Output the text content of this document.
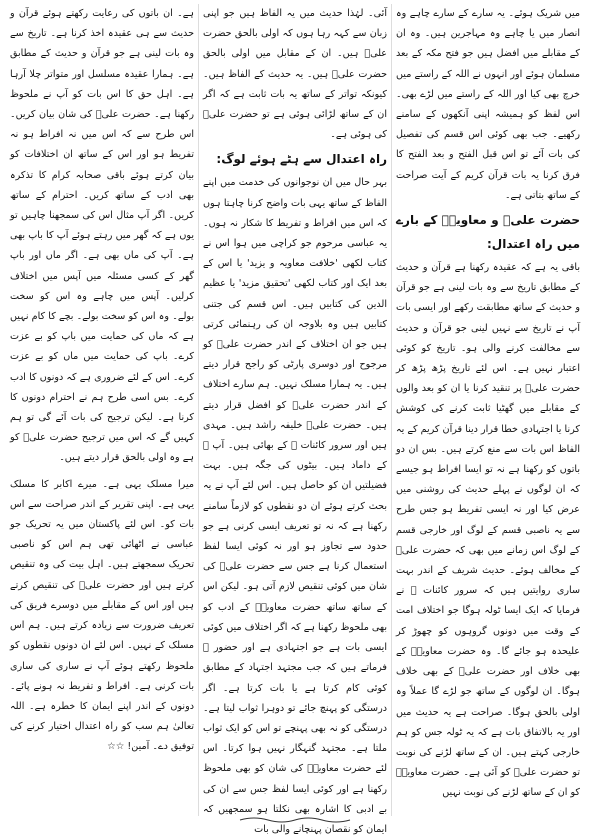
میں شریک ہوئے۔ یہ سارے کے سارے چاہے وہ انصار میں یا چاہے وہ مہاجرین ہیں۔ وہ ان کے مقابلے میں افضل ہیں جو فتح مکہ کے بعد مسلمان ہوئے اور انہوں نے اللہ کے راستے میں خرچ بھی کیا اور اللہ کے راستے میں لڑے بھی۔ اس لفظ کو ہمیشہ اپنی آنکھوں کے سامنے رکھیے۔ جب بھی کوئی اس قسم کی تفصیل کی بات آئے تو اس قبل الفتح و بعد الفتح کا فرق کرنا یہ بات قرآن کریم کے آیت صراحت کے ساتھ بتاتی ہے۔

حضرت علیؓ و معاویہؓ کے بارے میں راہ اعتدال:

باقی یہ ہے کہ عقیدہ رکھنا ہے قرآن و حدیث کے مطابق تاریخ سے وہ بات لینی ہے جو قرآن و حدیث کے ساتھ مطابقت رکھے اور ایسی بات آپ نے تاریخ سے نہیں لینی جو قرآن و حدیث سے مخالفت کرنے والی ہو۔ تاریخ کو کوئی اعتبار نہیں ہے۔ اس لئے تاریخ پڑھ پڑھ کر حضرت علیؓ پر تنقید کرنا یا ان کو بعد والوں کے مقابلے میں گھٹیا ثابت کرنے کی کوشش کرنا یا اجتہادی خطا قرار دینا قرآن کریم کے یہ الفاظ اس بات سے منع کرتے ہیں۔ بس ان دو باتوں کو رکھنا ہے نہ تو ایسا افراط ہو جیسے کہ ان لوگوں نے پہلے حدیث کی روشنی میں عرض کیا اور نہ ایسی تفریط ہو جس طرح سے یہ ناصبی قسم کے لوگ اور خارجی قسم کے لوگ اس زمانے میں بھی کہ حضرت علیؓ کے مخالف ہوئے۔ حدیث شریف کے اندر بہت ساری روایتیں ہیں کہ سرور کائنات ﷺ نے فرمایا کہ ایک ایسا ٹولہ ہوگا جو اختلاف امت کے وقت میں دونوں گروہوں کو چھوڑ کر علیحدہ ہو جائے گا۔ وہ حضرت معاویہؓ کے بھی خلاف اور حضرت علیؓ کے بھی خلاف ہوگا۔ ان لوگوں کے ساتھ جو لڑے گا عملاً وہ اولی بالحق ہوگا۔ صراحت ہے یہ حدیث میں اور یہ بالاتفاق بات ہے کہ یہ ٹولہ جس کو ہم خارجی کہتے ہیں۔ ان کے ساتھ لڑنے کی نوبت تو حضرت علیؓ کو آئی ہے۔ حضرت معاویہؓ کو ان کے ساتھ لڑنے کی نوبت نہیں

آئی۔ لہٰذا حدیث میں یہ الفاظ ہیں جو اپنی زبان سے کہہ رہا ہوں کہ اولی بالحق حضرت علیؓ ہیں۔ ان کے مقابل میں اولی بالحق حضرت علیؓ ہیں۔ یہ حدیث کے الفاظ ہیں۔ کیونکہ تواتر کے ساتھ یہ بات ثابت ہے کہ اگر ان کے ساتھ لڑائی ہوئی ہے تو حضرت علیؓ کی ہوئی ہے۔

راہ اعتدال سے ہٹے ہوئے لوگ:

بہر حال میں ان نوجوانوں کی خدمت میں اپنے الفاظ کے ساتھ یہی بات واضح کرنا چاہتا ہوں کہ اس میں افراط و تفریط کا شکار نہ ہوں۔ یہ عباسی مرحوم جو کراچی میں ہوا اس نے کتاب لکھی 'خلافت معاویہ و یزید' یا اس کے بعد ایک اور کتاب لکھی 'تحقیق مزید' یا عظیم الدین کی کتابیں ہیں۔ اس قسم کی جتنی کتابیں ہیں وہ بلاوجہ ان کی رہنمائی کرتی ہیں جو ان اختلاف کے اندر حضرت علیؓ کو مرجوح اور دوسری پارٹی کو راجح قرار دیتے ہیں۔ یہ ہمارا مسلک نہیں۔ ہم سارے اختلاف کے اندر حضرت علیؓ کو افضل قرار دیتے ہیں۔ حضرت علیؓ خلیفہ راشد ہیں۔ مہدی ہیں اور سرور کائنات ﷺ کے بھائی ہیں۔ آپ ﷺ کے داماد ہیں۔ بیٹوں کی جگہ ہیں۔ بہت فضیلتیں ان کو حاصل ہیں۔ اس لئے آپ نے یہ بحث کرتے ہوئے ان دو نقطوں کو لازماً سامنے رکھنا ہے کہ نہ تو تعریف ایسی کرنی ہے جو حدود سے تجاوز ہو اور نہ کوئی ایسا لفظ استعمال کرنا ہے جس سے حضرت علیؓ کی شان میں کوئی تنقیص لازم آتی ہو۔ لیکن اس کے ساتھ ساتھ حضرت معاویہؓ کے ادب کو بھی ملحوظ رکھنا ہے کہ اگر اختلاف میں کوئی ایسی بات ہے جو اجتہادی ہے اور حضور ﷺ فرماتے ہیں کہ جب مجتہد اجتہاد کے مطابق کوئی کام کرتا ہے یا بات کرتا ہے۔ اگر درستگی کو پہنچ جائے تو دوہرا ثواب لیتا ہے۔ درستگی کو نہ بھی پہنچے تو اس کو ایک ثواب ملتا ہے۔ مجتہد گنہگار نہیں ہوا کرتا۔ اس لئے حضرت معاویہؓ کی شان کو بھی ملحوظ رکھنا ہے اور کوئی ایسا لفظ جس سے ان کی بے ادبی کا اشارہ بھی نکلتا ہو سمجھیں کہ ایمان کو نقصان پہنچانے والی بات

ہے۔ ان باتوں کی رعایت رکھتے ہوئے قرآن و حدیث سے ہی عقیدہ اخذ کرنا ہے۔ تاریخ سے وہ بات لینی ہے جو قرآن و حدیث کے مطابق ہے۔ ہمارا عقیدہ مسلسل اور متواتر چلا آرہا ہے۔ اہل حق کا اس بات کو آپ نے ملحوظ رکھنا ہے۔ حضرت علیؓ کی شان بیان کریں۔ اس طرح سے کہ اس میں نہ افراط ہو نہ تفریط ہو اور اس کے ساتھ ان اختلافات کو بیان کرتے ہوئے باقی صحابہ کرام کا تذکرہ بھی ادب کے ساتھ کریں۔ احترام کے ساتھ کریں۔ اگر آپ مثال اس کی سمجھنا چاہیں تو یوں ہے کہ گھر میں رہتے ہوئے آپ کا باپ بھی ہے۔ آپ کی ماں بھی ہے۔ اگر ماں اور باپ گھر کے کسی مسئلہ میں آپس میں اختلاف کرلیں۔ آپس میں چاہے وہ اس کو سخت بولے۔ وہ اس کو سخت بولے۔ بچے کا کام نہیں ہے کہ ماں کی حمایت میں باپ کو بے عزت کرے۔ باپ کی حمایت میں ماں کو بے عزت کرے۔ اس کے لئے ضروری ہے کہ دونوں کا ادب کرے۔ بس اسی طرح ہم نے احترام دونوں کا کرنا ہے۔ لیکن ترجیح کی بات آئے گی تو ہم کہیں گے کہ اس میں ترجیح حضرت علیؓ کو ہے وہ اولی بالحق قرار دیتے ہیں۔

میرا مسلک یہی ہے۔ میرے اکابر کا مسلک یہی ہے۔ اپنی تقریر کے اندر صراحت سے اس بات کو۔ اس لئے پاکستان میں یہ تحریک جو عباسی نے اٹھائی تھی ہم اس کو ناصبی تحریک سمجھتے ہیں۔ اہل بیت کی وہ تنقیص کرتے ہیں اور حضرت علیؓ کی تنقیص کرتے ہیں اور اس کے مقابلے میں دوسرے فریق کی تعریف ضرورت سے زیادہ کرتے ہیں۔ ہم اس مسلک کے نہیں۔ اس لئے ان دونوں نقطوں کو ملحوظ رکھتے ہوئے آپ نے ساری کی ساری بات کرنی ہے۔ افراط و تفریط نہ ہونے پائے۔ دونوں کے اندر اپنے ایمان کا خطرہ ہے۔ اللہ تعالیٰ ہم سب کو راہ اعتدال اختیار کرنے کی توفیق دے۔ آمین! ☆☆
